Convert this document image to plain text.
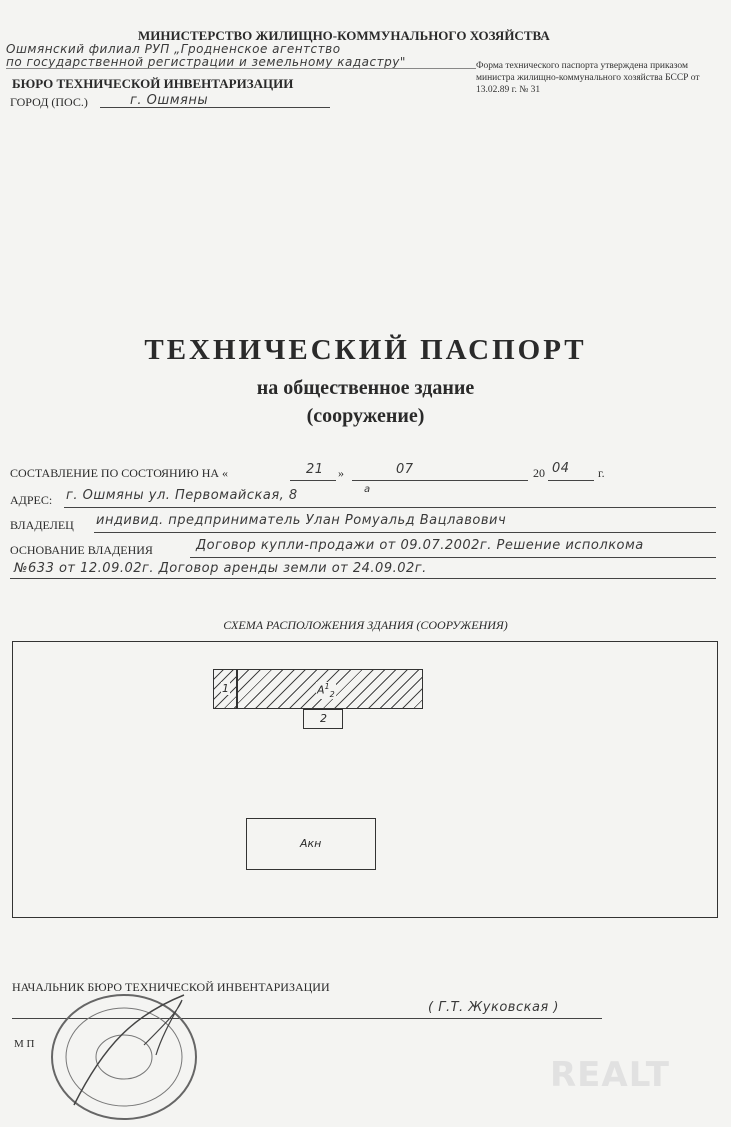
МИНИСТЕРСТВО ЖИЛИЩНО-КОММУНАЛЬНОГО ХОЗЯЙСТВА
Ошмянский филиал РУП „Гродненское агентство
по государственной регистрации и земельному кадастру"
БЮРО ТЕХНИЧЕСКОЙ ИНВЕНТАРИЗАЦИИ
ГОРОД (ПОС.)	г. Ошмяны
Форма технического паспорта утверждена приказом министра жилищно-коммунального хозяйства БССР от 13.02.89 г. № 31
ТЕХНИЧЕСКИЙ ПАСПОРТ
на общественное здание
(сооружение)
СОСТАВЛЕНИЕ ПО СОСТОЯНИЮ НА «	21 »	07	20 04 г.
АДРЕС: г. Ошмяны ул. Первомайская, 8	а
ВЛАДЕЛЕЦ индивид. предприниматель Улан Ромуальд Вацлавович
ОСНОВАНИЕ ВЛАДЕНИЯ	Договор купли-продажи от 09.07.2002г. Решение исполкома
№633 от 12.09.02г. Договор аренды земли от 24.09.02г.
СХЕМА РАСПОЛОЖЕНИЯ ЗДАНИЯ (СООРУЖЕНИЯ)
1	$А^1_2$
2
Акн
НАЧАЛЬНИК БЮРО ТЕХНИЧЕСКОЙ ИНВЕНТАРИЗАЦИИ
( Г.Т. Жуковская )
М П
REALT
